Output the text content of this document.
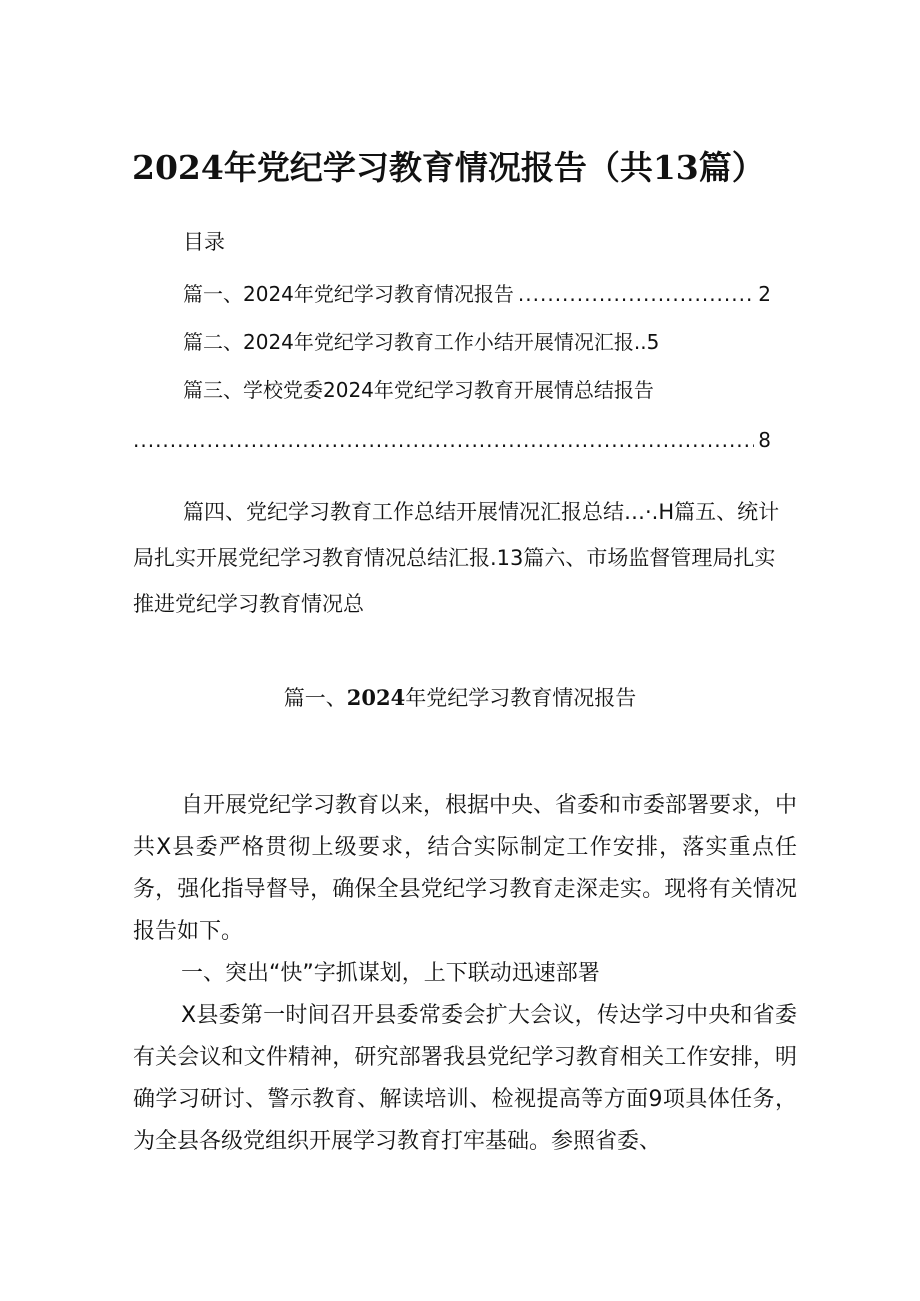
2024年党纪学习教育情况报告（共13篇）
目录
篇一、2024年党纪学习教育情况报告
.....	2
篇二、2024年党纪学习教育工作小结开展情况汇报..5
篇三、学校党委2024年党纪学习教育开展情总结报告
.....
8
篇四、党纪学习教育工作总结开展情况汇报总结…·.H篇五、统计局扎实开展党纪学习教育情况总结汇报.13篇六、市场监督管理局扎实推进党纪学习教育情况总
篇一、2024年党纪学习教育情况报告
自开展党纪学习教育以来，根据中央、省委和市委部署要求，中共X县委严格贯彻上级要求，结合实际制定工作安排，落实重点任务，强化指导督导，确保全县党纪学习教育走深走实。现将有关情况报告如下。
一、突出“快”字抓谋划，上下联动迅速部署
X县委第一时间召开县委常委会扩大会议，传达学习中央和省委有关会议和文件精神，研究部署我县党纪学习教育相关工作安排，明确学习研讨、警示教育、解读培训、检视提高等方面9项具体任务，为全县各级党组织开展学习教育打牢基础。参照省委、
